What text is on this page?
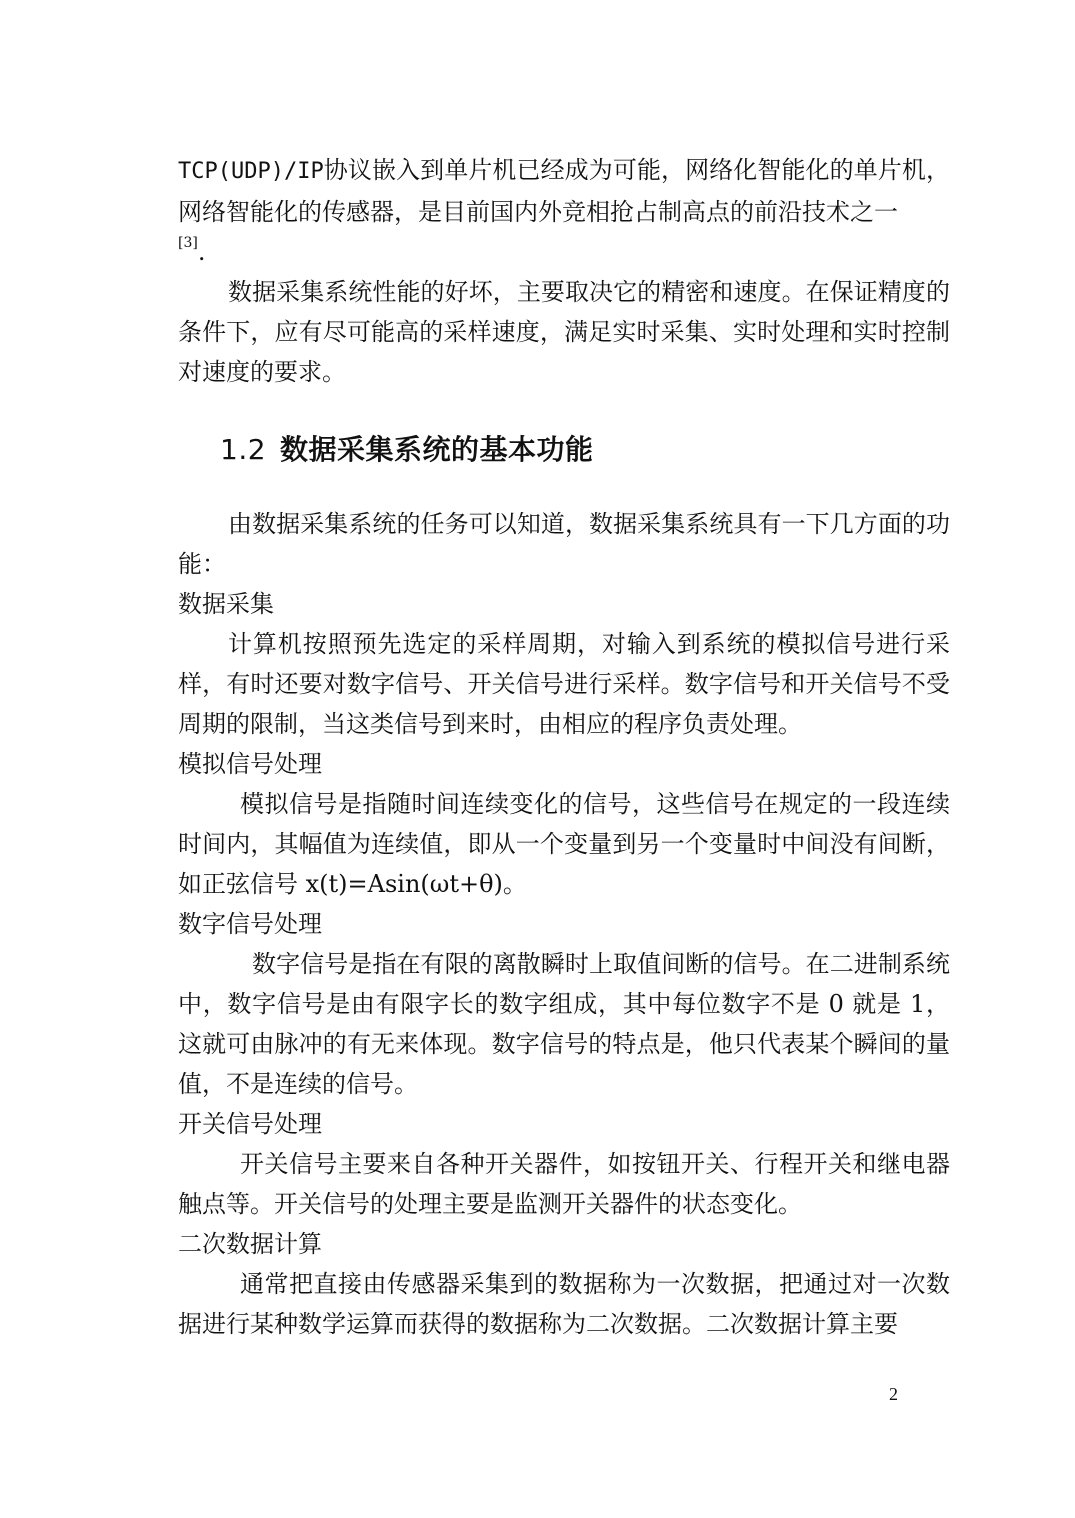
TCP(UDP)/IP协议嵌入到单片机已经成为可能，网络化智能化的单片机，网络智能化的传感器，是目前国内外竞相抢占制高点的前沿技术之一
[3].

数据采集系统性能的好坏，主要取决它的精密和速度。在保证精度的条件下，应有尽可能高的采样速度，满足实时采集、实时处理和实时控制对速度的要求。

1.2 数据采集系统的基本功能

由数据采集系统的任务可以知道，数据采集系统具有一下几方面的功能：

数据采集

计算机按照预先选定的采样周期，对输入到系统的模拟信号进行采样，有时还要对数字信号、开关信号进行采样。数字信号和开关信号不受周期的限制，当这类信号到来时，由相应的程序负责处理。

模拟信号处理

模拟信号是指随时间连续变化的信号，这些信号在规定的一段连续时间内，其幅值为连续值，即从一个变量到另一个变量时中间没有间断，如正弦信号 x(t)=Asin(ωt+θ)。

数字信号处理

数字信号是指在有限的离散瞬时上取值间断的信号。在二进制系统中，数字信号是由有限字长的数字组成，其中每位数字不是 0 就是 1，这就可由脉冲的有无来体现。数字信号的特点是，他只代表某个瞬间的量值，不是连续的信号。

开关信号处理

开关信号主要来自各种开关器件，如按钮开关、行程开关和继电器触点等。开关信号的处理主要是监测开关器件的状态变化。

二次数据计算

通常把直接由传感器采集到的数据称为一次数据，把通过对一次数据进行某种数学运算而获得的数据称为二次数据。二次数据计算主要

2
